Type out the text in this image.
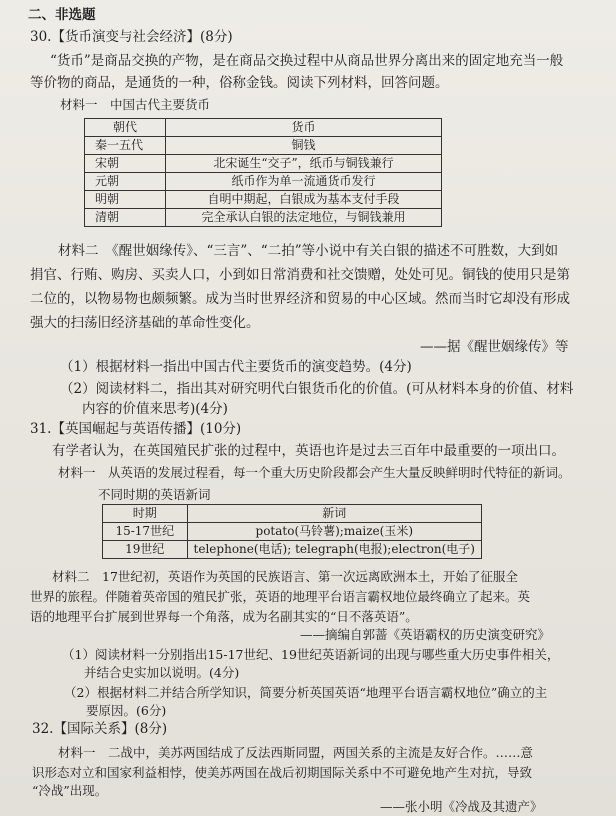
二、非选题
30.【货币演变与社会经济】(8分)
“货币”是商品交换的产物，是在商品交换过程中从商品世界分离出来的固定地充当一般
等价物的商品，是通货的一种，俗称金钱。阅读下列材料，回答问题。
材料一　中国古代主要货币
朝代	货币
秦一五代	铜钱
宋朝	北宋诞生“交子”，纸币与铜钱兼行
元朝	纸币作为单一流通货币发行
明朝	自明中期起，白银成为基本支付手段
清朝	完全承认白银的法定地位，与铜钱兼用
材料二　《醒世姻缘传》、“三言”、“二拍”等小说中有关白银的描述不可胜数，大到如
捐官、行贿、购房、买卖人口，小到如日常消费和社交馈赠，处处可见。铜钱的使用只是第
二位的，以物易物也颇频繁。成为当时世界经济和贸易的中心区域。然而当时它却没有形成
强大的扫荡旧经济基础的革命性变化。
——据《醒世姻缘传》等
（1）根据材料一指出中国古代主要货币的演变趋势。(4分)
（2）阅读材料二，指出其对研究明代白银货币化的价值。(可从材料本身的价值、材料
内容的价值来思考)(4分)
31.【英国崛起与英语传播】(10分)
有学者认为，在英国殖民扩张的过程中，英语也许是过去三百年中最重要的一项出口。
材料一　从英语的发展过程看，每一个重大历史阶段都会产生大量反映鲜明时代特征的新词。
不同时期的英语新词
时期	新词
15-17世纪	potato(马铃薯);maize(玉米)
19世纪	telephone(电话); telegraph(电报);electron(电子)
材料二　17世纪初，英语作为英国的民族语言、第一次远离欧洲本土，开始了征服全
世界的旅程。伴随着英帝国的殖民扩张，英语的地理平台语言霸权地位最终确立了起来。英
语的地理平台扩展到世界每一个角落，成为名副其实的“日不落英语”。
——摘编自郭蔷《英语霸权的历史演变研究》
（1）阅读材料一分别指出15-17世纪、19世纪英语新词的出现与哪些重大历史事件相关，
并结合史实加以说明。(4分)
（2）根据材料二并结合所学知识，简要分析英国英语“地理平台语言霸权地位”确立的主
要原因。(6分)
32.【国际关系】(8分)
材料一　二战中，美苏两国结成了反法西斯同盟，两国关系的主流是友好合作。……意
识形态对立和国家利益相悖，使美苏两国在战后初期国际关系中不可避免地产生对抗，导致
“冷战”出现。
——张小明《冷战及其遗产》
